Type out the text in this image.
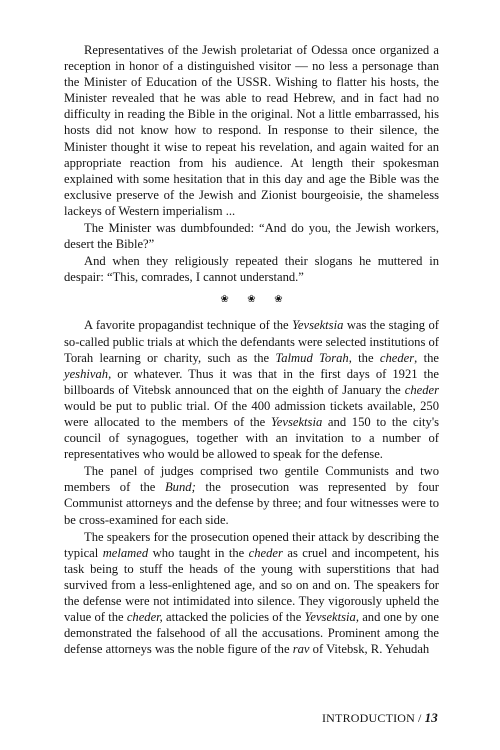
Representatives of the Jewish proletariat of Odessa once organized a reception in honor of a distinguished visitor — no less a personage than the Minister of Education of the USSR. Wishing to flatter his hosts, the Minister revealed that he was able to read Hebrew, and in fact had no difficulty in reading the Bible in the original. Not a little embarrassed, his hosts did not know how to respond. In response to their silence, the Minister thought it wise to repeat his revelation, and again waited for an appropriate reaction from his audience. At length their spokesman explained with some hesitation that in this day and age the Bible was the exclusive preserve of the Jewish and Zionist bourgeoisie, the shameless lackeys of Western imperialism ...

The Minister was dumbfounded: “And do you, the Jewish workers, desert the Bible?”

And when they religiously repeated their slogans he muttered in despair: “This, comrades, I cannot understand.”

❀ ❀ ❀

A favorite propagandist technique of the Yevsektsia was the staging of so-called public trials at which the defendants were selected institutions of Torah learning or charity, such as the Talmud Torah, the cheder, the yeshivah, or whatever. Thus it was that in the first days of 1921 the billboards of Vitebsk announced that on the eighth of January the cheder would be put to public trial. Of the 400 admission tickets available, 250 were allocated to the members of the Yevsektsia and 150 to the city's council of synagogues, together with an invitation to a number of representatives who would be allowed to speak for the defense.

The panel of judges comprised two gentile Communists and two members of the Bund; the prosecution was represented by four Communist attorneys and the defense by three; and four witnesses were to be cross-examined for each side.

The speakers for the prosecution opened their attack by describing the typical melamed who taught in the cheder as cruel and incompetent, his task being to stuff the heads of the young with superstitions that had survived from a less-enlightened age, and so on and on. The speakers for the defense were not intimidated into silence. They vigorously upheld the value of the cheder, attacked the policies of the Yevsektsia, and one by one demonstrated the falsehood of all the accusations. Prominent among the defense attorneys was the noble figure of the rav of Vitebsk, R. Yehudah

INTRODUCTION / 13
